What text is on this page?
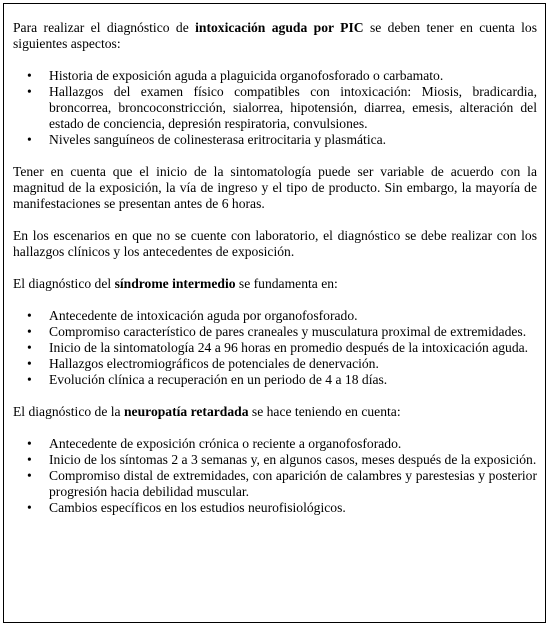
Para realizar el diagnóstico de intoxicación aguda por PIC se deben tener en cuenta los siguientes aspectos:

• Historia de exposición aguda a plaguicida organofosforado o carbamato.
• Hallazgos del examen físico compatibles con intoxicación: Miosis, bradicardia, broncorrea, broncoconstricción, sialorrea, hipotensión, diarrea, emesis, alteración del estado de conciencia, depresión respiratoria, convulsiones.
• Niveles sanguíneos de colinesterasa eritrocitaria y plasmática.

Tener en cuenta que el inicio de la sintomatología puede ser variable de acuerdo con la magnitud de la exposición, la vía de ingreso y el tipo de producto. Sin embargo, la mayoría de manifestaciones se presentan antes de 6 horas.

En los escenarios en que no se cuente con laboratorio, el diagnóstico se debe realizar con los hallazgos clínicos y los antecedentes de exposición.

El diagnóstico del síndrome intermedio se fundamenta en:

• Antecedente de intoxicación aguda por organofosforado.
• Compromiso característico de pares craneales y musculatura proximal de extremidades.
• Inicio de la sintomatología 24 a 96 horas en promedio después de la intoxicación aguda.
• Hallazgos electromiográficos de potenciales de denervación.
• Evolución clínica a recuperación en un periodo de 4 a 18 días.

El diagnóstico de la neuropatía retardada se hace teniendo en cuenta:

• Antecedente de exposición crónica o reciente a organofosforado.
• Inicio de los síntomas 2 a 3 semanas y, en algunos casos, meses después de la exposición.
• Compromiso distal de extremidades, con aparición de calambres y parestesias y posterior progresión hacia debilidad muscular.
• Cambios específicos en los estudios neurofisiológicos.
